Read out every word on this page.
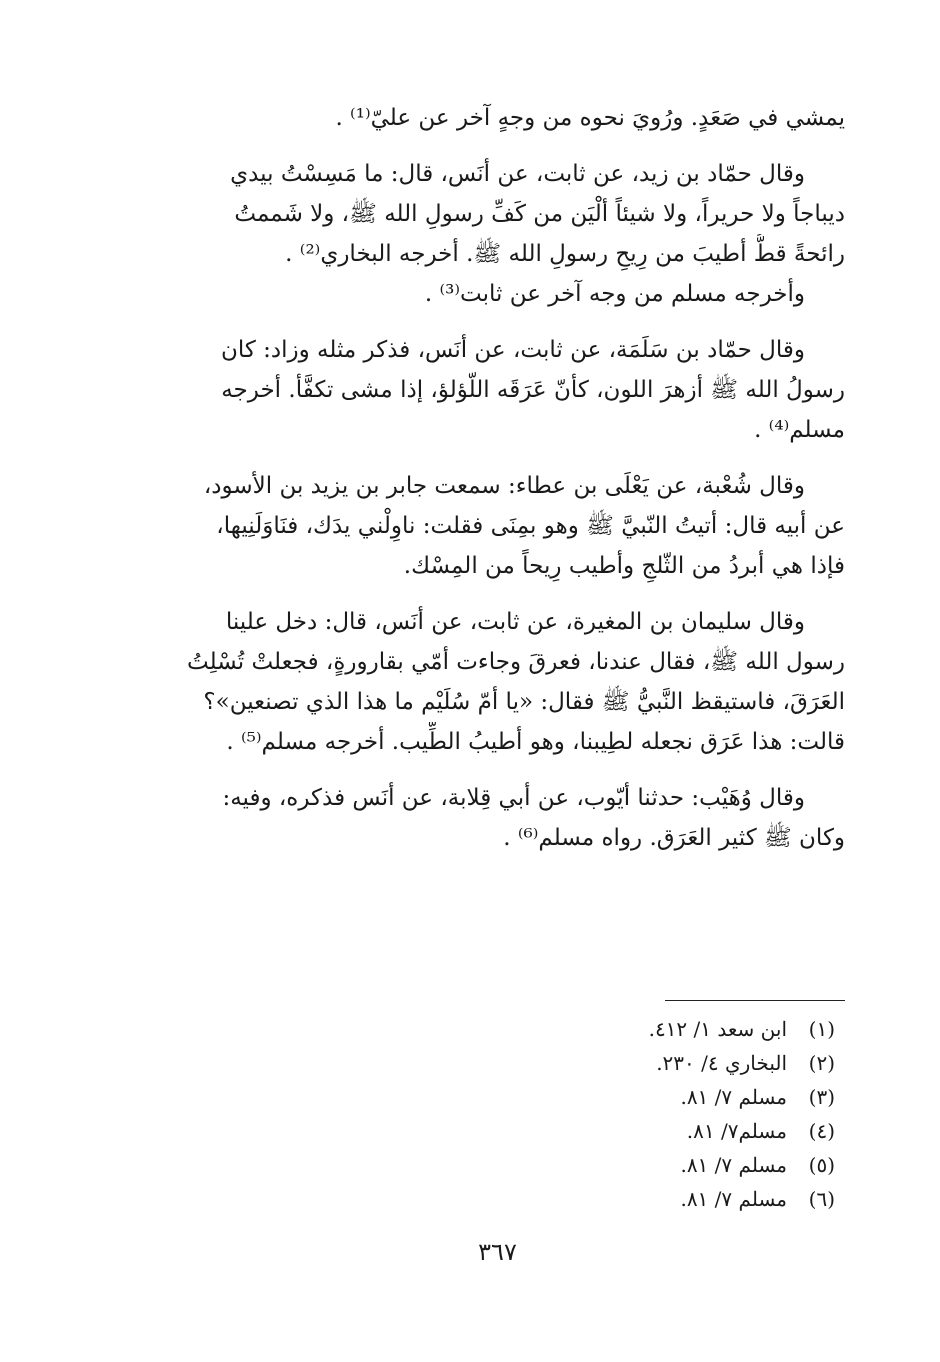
يمشي في صَعَدٍ. ورُويَ نحوه من وجهٍ آخر عن عليّ⁽¹⁾ .

وقال حمّاد بن زيد، عن ثابت، عن أنَس، قال: ما مَسِسْتُ بيدي
ديباجاً ولا حريراً، ولا شيئاً ألْيَن من كَفِّ رسولِ الله ﷺ، ولا شَممتُ
رائحةً قطُّ أطيبَ من رِيحِ رسولِ الله ﷺ. أخرجه البخاري⁽²⁾ .
وأخرجه مسلم من وجه آخر عن ثابت⁽³⁾ .

وقال حمّاد بن سَلَمَة، عن ثابت، عن أنَس، فذكر مثله وزاد: كان
رسولُ الله ﷺ أزهرَ اللون، كأنّ عَرَقَه اللّؤلؤ، إذا مشى تكفَّأ. أخرجه
مسلم⁽⁴⁾ .

وقال شُعْبة، عن يَعْلَى بن عطاء: سمعت جابر بن يزيد بن الأسود،
عن أبيه قال: أتيتُ النّبيَّ ﷺ وهو بمِنَى فقلت: ناوِلْني يدَك، فنَاوَلَنِيها،
فإذا هي أبردُ من الثّلجِ وأطيب رِيحاً من المِسْك.

وقال سليمان بن المغيرة، عن ثابت، عن أنَس، قال: دخل علينا
رسول الله ﷺ، فقال عندنا، فعرقَ وجاءت أمّي بقارورةٍ، فجعلتْ تُسْلِتُ
العَرَقَ، فاستيقظ النَّبيُّ ﷺ فقال: «يا أمّ سُلَيْم ما هذا الذي تصنعين»؟
قالت: هذا عَرَق نجعله لطِيبنا، وهو أطيبُ الطِّيب. أخرجه مسلم⁽⁵⁾ .

وقال وُهَيْب: حدثنا أيّوب، عن أبي قِلابة، عن أنَس فذكره، وفيه:
وكان ﷺ كثير العَرَق. رواه مسلم⁽⁶⁾ .

(١)ابن سعد ١/ ٤١٢.
(٢)البخاري ٤/ ٢٣٠.
(٣)مسلم ٧/ ٨١.
(٤)مسلم٧/ ٨١.
(٥)مسلم ٧/ ٨١.
(٦)مسلم ٧/ ٨١.
٣٦٧
